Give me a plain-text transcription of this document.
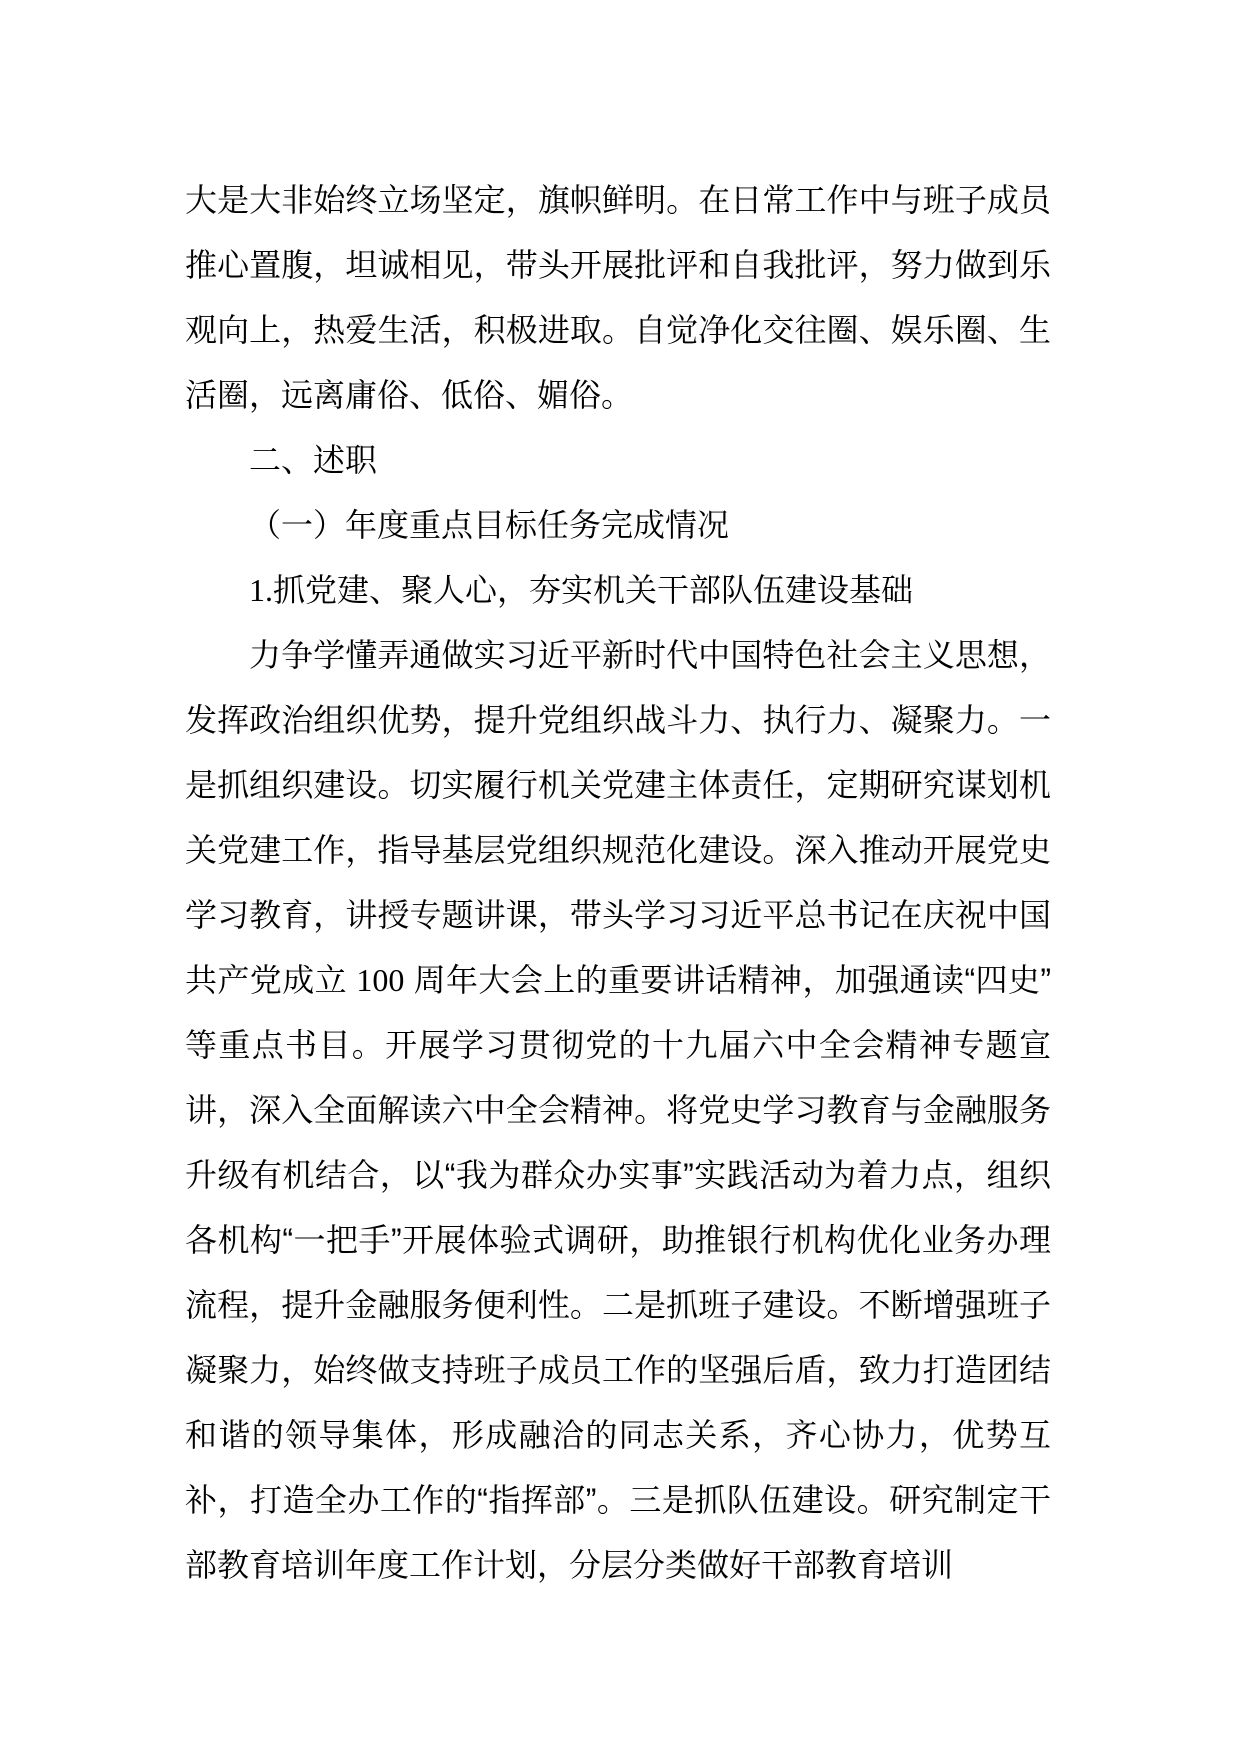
大是大非始终立场坚定，旗帜鲜明。在日常工作中与班子成员推心置腹，坦诚相见，带头开展批评和自我批评，努力做到乐观向上，热爱生活，积极进取。自觉净化交往圈、娱乐圈、生活圈，远离庸俗、低俗、媚俗。

二、述职

（一）年度重点目标任务完成情况

1.抓党建、聚人心，夯实机关干部队伍建设基础

力争学懂弄通做实习近平新时代中国特色社会主义思想，发挥政治组织优势，提升党组织战斗力、执行力、凝聚力。一是抓组织建设。切实履行机关党建主体责任，定期研究谋划机关党建工作，指导基层党组织规范化建设。深入推动开展党史学习教育，讲授专题讲课，带头学习习近平总书记在庆祝中国共产党成立 100 周年大会上的重要讲话精神，加强通读“四史”等重点书目。开展学习贯彻党的十九届六中全会精神专题宣讲，深入全面解读六中全会精神。将党史学习教育与金融服务升级有机结合，以“我为群众办实事”实践活动为着力点，组织各机构“一把手”开展体验式调研，助推银行机构优化业务办理流程，提升金融服务便利性。二是抓班子建设。不断增强班子凝聚力，始终做支持班子成员工作的坚强后盾，致力打造团结和谐的领导集体，形成融洽的同志关系，齐心协力，优势互补，打造全办工作的“指挥部”。三是抓队伍建设。研究制定干部教育培训年度工作计划，分层分类做好干部教育培训
